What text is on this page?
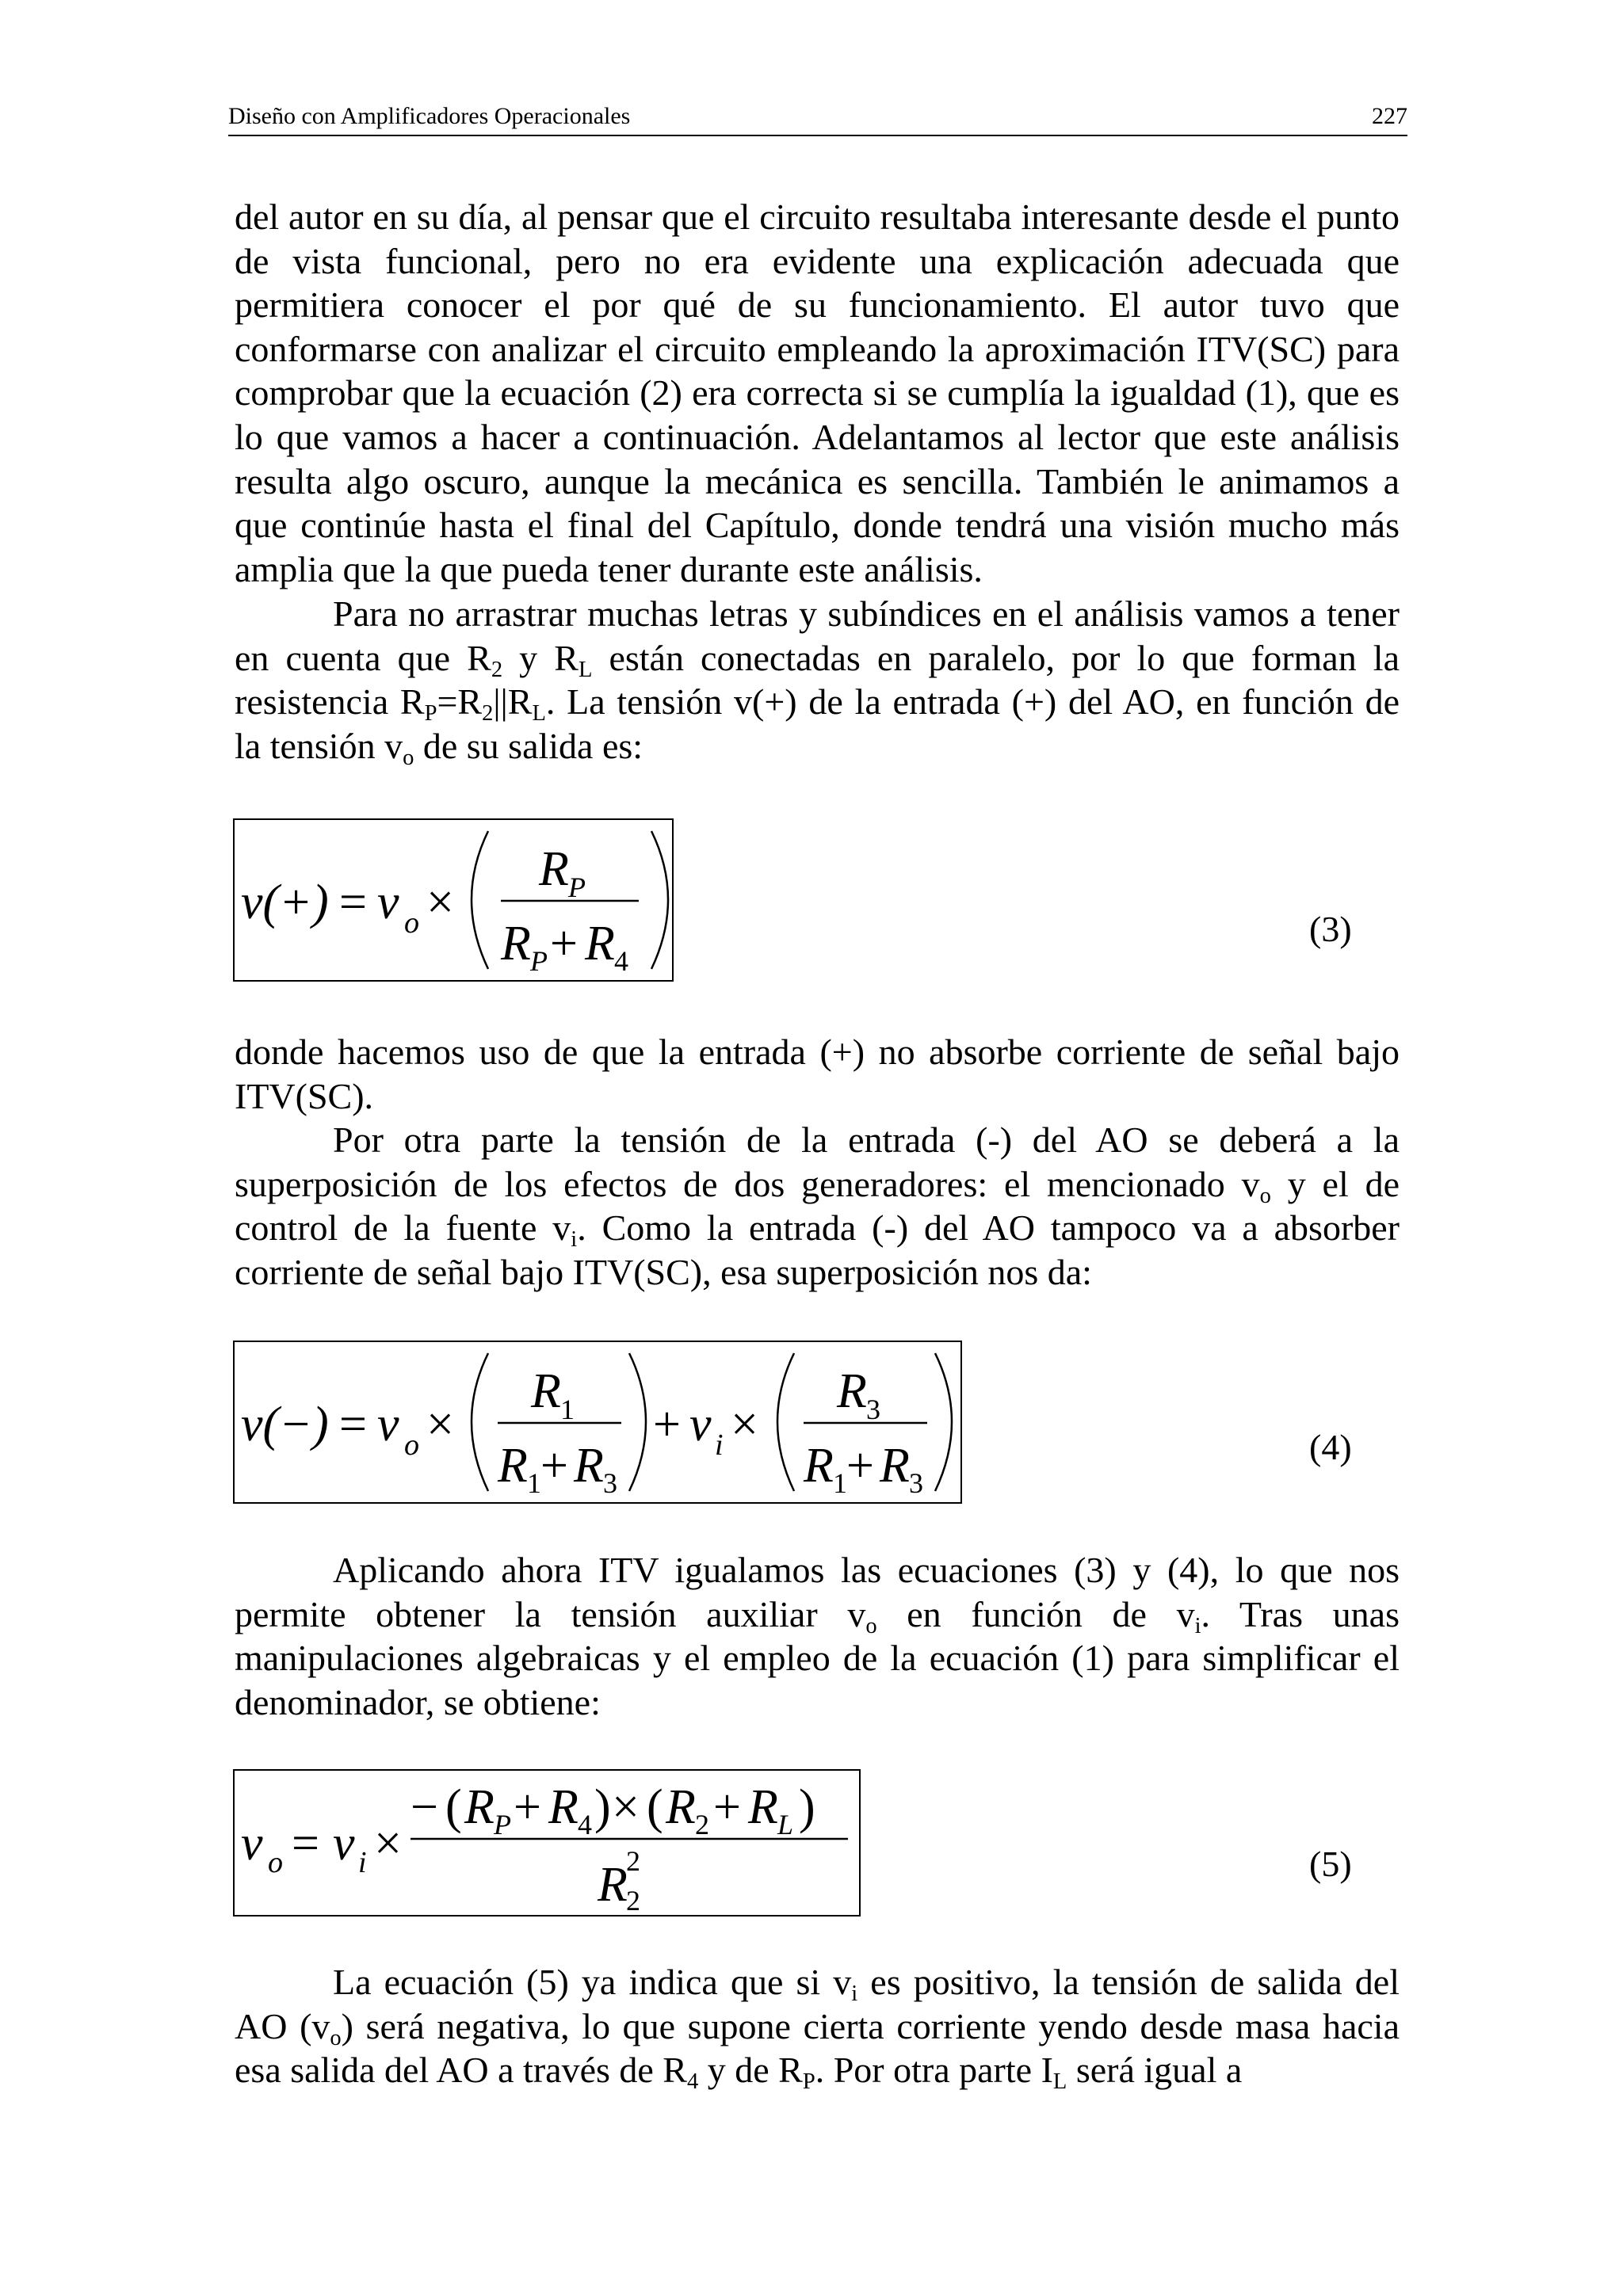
Diseño con Amplificadores Operacionales	227

del autor en su día, al pensar que el circuito resultaba interesante desde el punto de vista funcional, pero no era evidente una explicación adecuada que permitiera conocer el por qué de su funcionamiento. El autor tuvo que conformarse con analizar el circuito empleando la aproximación ITV(SC) para comprobar que la ecuación (2) era correcta si se cumplía la igualdad (1), que es lo que vamos a hacer a continuación. Adelantamos al lector que este análisis resulta algo oscuro, aunque la mecánica es sencilla. También le animamos a que continúe hasta el final del Capítulo, donde tendrá una visión mucho más amplia que la que pueda tener durante este análisis.

Para no arrastrar muchas letras y subíndices en el análisis vamos a tener en cuenta que $R_2$ y $R_L$ están conectadas en paralelo, por lo que forman la resistencia $R_P=R_2||R_L$. La tensión v(+) de la entrada (+) del AO, en función de la tensión $v_o$ de su salida es:

v(+) = v o ×
R P
R P + R 4
(3)

donde hacemos uso de que la entrada (+) no absorbe corriente de señal bajo ITV(SC).

Por otra parte la tensión de la entrada (-) del AO se deberá a la superposición de los efectos de dos generadores: el mencionado $v_o$ y el de control de la fuente $v_i$. Como la entrada (-) del AO tampoco va a absorber corriente de señal bajo ITV(SC), esa superposición nos da:

v(−) = v o ×
R 1
R 1 + R 3
+ v i ×
R 3
R 1 + R 3
(4)

Aplicando ahora ITV igualamos las ecuaciones (3) y (4), lo que nos permite obtener la tensión auxiliar $v_o$ en función de $v_i$. Tras unas manipulaciones algebraicas y el empleo de la ecuación (1) para simplificar el denominador, se obtiene:

v o = v i ×
− ( R P + R 4 ) × ( R 2 + R L )
R
2
2
(5)

La ecuación (5) ya indica que si $v_i$ es positivo, la tensión de salida del AO $(v_o)$ será negativa, lo que supone cierta corriente yendo desde masa hacia esa salida del AO a través de $R_4$ y de $R_P$. Por otra parte $I_L$ será igual a
